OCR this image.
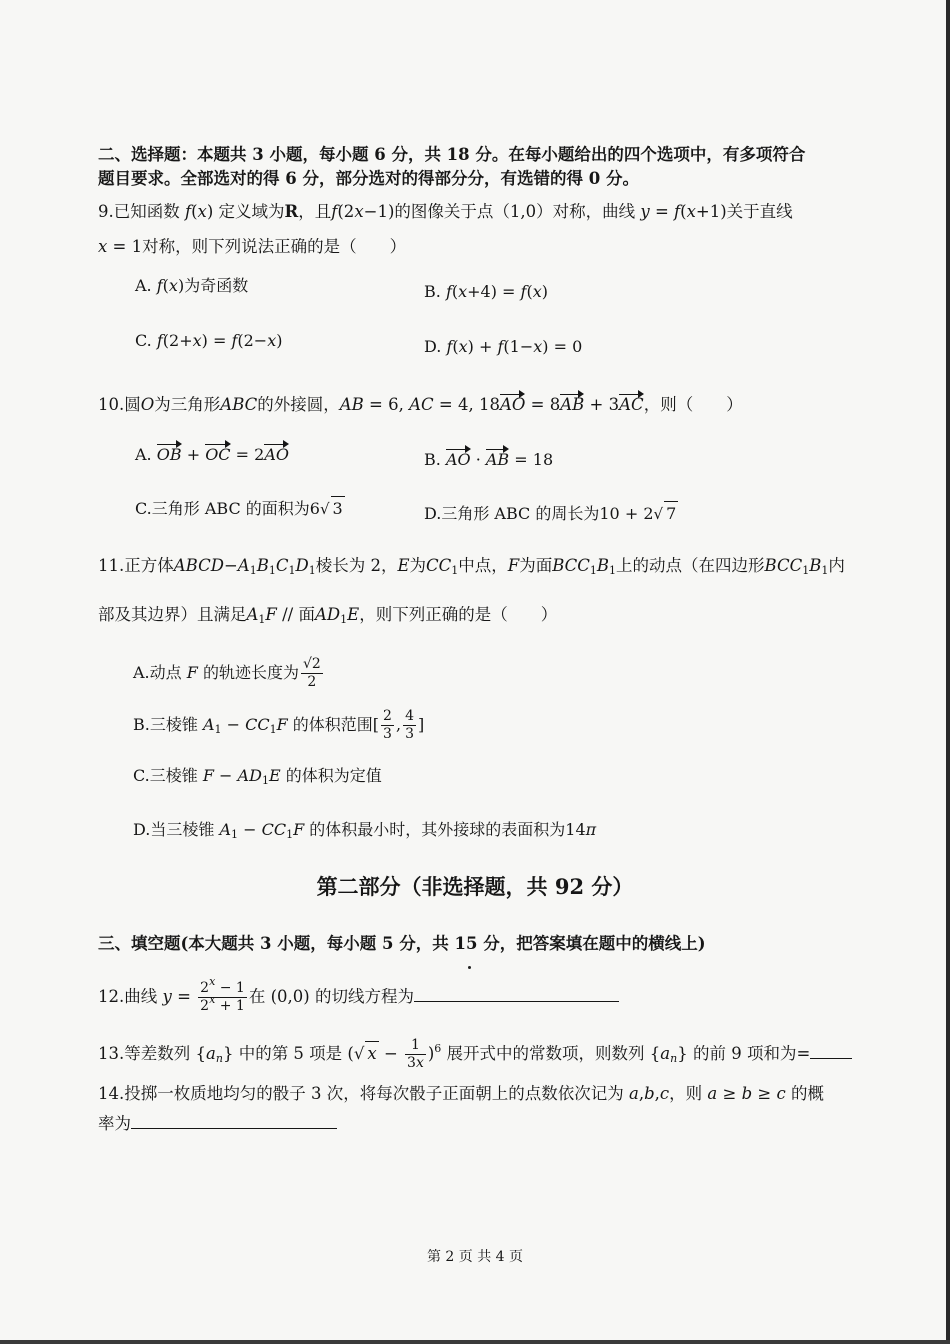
二、选择题：本题共 3 小题，每小题 6 分，共 18 分。在每小题给出的四个选项中，有多项符合
题目要求。全部选对的得 6 分，部分选对的得部分分，有选错的得 0 分。
9.已知函数 f(x) 定义域为R，且f(2x−1)的图像关于点（1,0）对称，曲线 y = f(x+1)关于直线
x = 1对称，则下列说法正确的是（　　）
A. f(x)为奇函数	B. f(x+4) = f(x)
C. f(2+x) = f(2−x)	D. f(x) + f(1−x) = 0
10.圆O为三角形ABC的外接圆，AB = 6, AC = 4, 18AO = 8AB + 3AC，则（　　）
A. OB + OC = 2AO	B. AO · AB = 18
C.三角形 ABC 的面积为6√ 3	D.三角形 ABC 的周长为10 + 2√ 7
11.正方体$ABCD-A_1B_1C_1D_1$棱长为 2，E为$CC_1$中点，F为面$BCC_1B_1$上的动点（在四边形$BCC_1B_1$内
部及其边界）且满足$A_1F$ // 面$AD_1E$，则下列正确的是（　　）
A.动点 F 的轨迹长度为 $\frac{√2}{2}$
B.三棱锥 $A_1 - CC_1F$ 的体积范围[ $\frac{2}{3}$ , $\frac{4}{3}$ ]
C.三棱锥 $F - AD_1E$ 的体积为定值
D.当三棱锥 $A_1 - CC_1F$ 的体积最小时，其外接球的表面积为14π
第二部分（非选择题，共 92 分）
三、填空题(本大题共 3 小题，每小题 5 分，共 15 分，把答案填在题中的横线上)
12.曲线 $y = \frac{2^x - 1}{2^x + 1}$ 在 (0,0) 的切线方程为
13.等差数列 $\{a_n\}$ 中的第 5 项是 (√ $x - \frac{1}{3x} )^6$ 展开式中的常数项，则数列 $\{a_n\}$ 的前 9 项和为=
14.投掷一枚质地均匀的骰子 3 次，将每次骰子正面朝上的点数依次记为 a,b,c，则 a ≥ b ≥ c 的概
率为
第 2 页 共 4 页
